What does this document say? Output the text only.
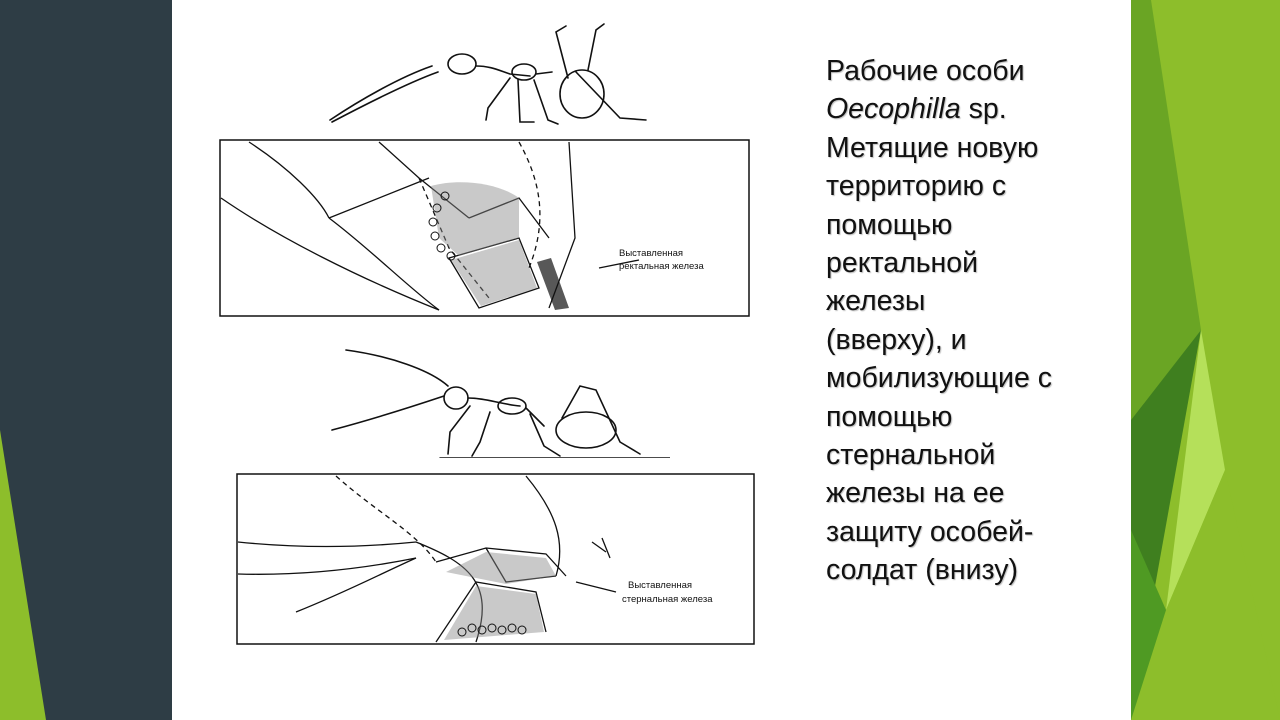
Выставленная
ректальная железа
Выставленная
стернальная железа
Рабочие особи
Oecophilla sp.
Метящие новую
территорию с
помощью
ректальной
железы
(вверху), и
мобилизующие с
помощью
стернальной
железы на ее
защиту особей-
солдат (внизу)
